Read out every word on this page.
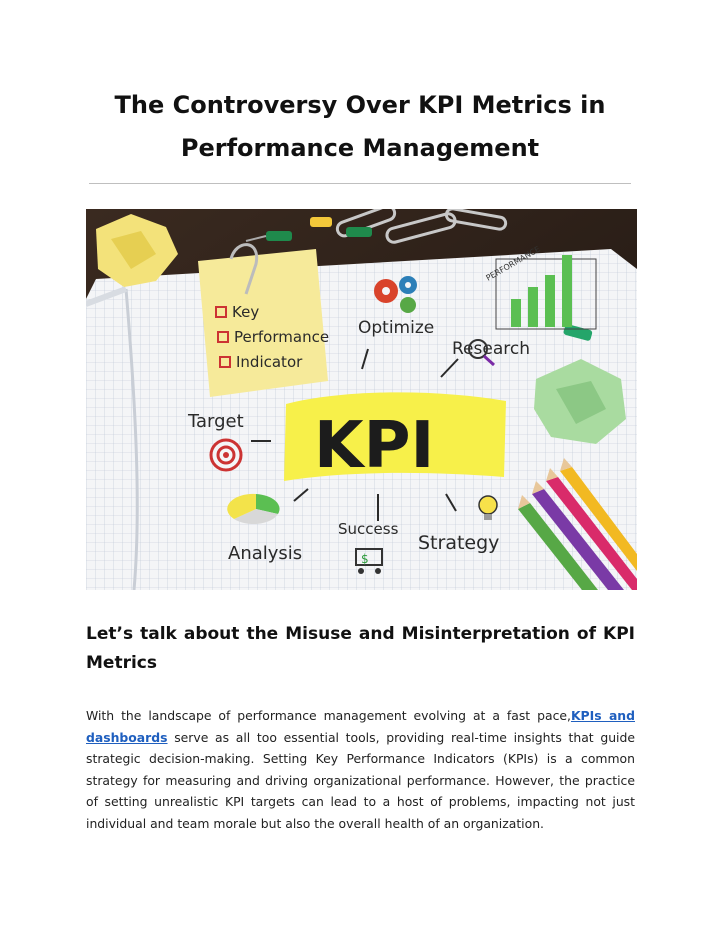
The Controversy Over KPI Metrics in
Performance Management
Key
Performance
Indicator
Optimize
PERFORMANCE
Research
KPI
Target
Analysis
Success
$
Strategy
Let’s talk about the Misuse and Misinterpretation of KPI Metrics

With the landscape of performance management evolving at a fast pace,KPIs and dashboards serve as all too essential tools, providing real-time insights that guide strategic decision-making. Setting Key Performance Indicators (KPIs) is a common strategy for measuring and driving organizational performance. However, the practice of setting unrealistic KPI targets can lead to a host of problems, impacting not just individual and team morale but also the overall health of an organization.
